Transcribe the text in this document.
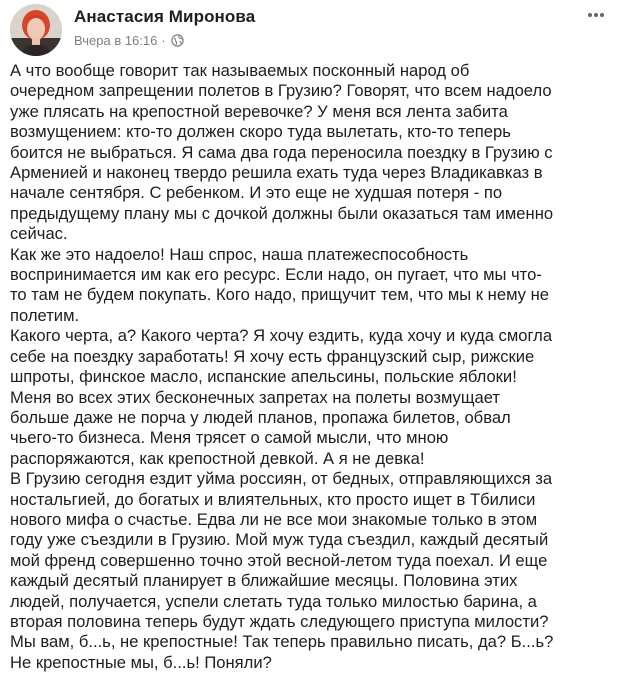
Анастасия Миронова
Вчера в 16:16 ·

А что вообще говорит так называемых посконный народ об

очередном запрещении полетов в Грузию? Говорят, что всем надоело

уже плясать на крепостной веревочке? У меня вся лента забита

возмущением: кто-то должен скоро туда вылетать, кто-то теперь

боится не выбраться. Я сама два года переносила поездку в Грузию с

Арменией и наконец твердо решила ехать туда через Владикавказ в

начале сентября. С ребенком. И это еще не худшая потеря - по

предыдущему плану мы с дочкой должны были оказаться там именно

сейчас.

Как же это надоело! Наш спрос, наша платежеспособность

воспринимается им как его ресурс. Если надо, он пугает, что мы что-

то там не будем покупать. Кого надо, прищучит тем, что мы к нему не

полетим.

Какого черта, а? Какого черта? Я хочу ездить, куда хочу и куда смогла

себе на поездку заработать! Я хочу есть французский сыр, рижские

шпроты, финское масло, испанские апельсины, польские яблоки!

Меня во всех этих бесконечных запретах на полеты возмущает

больше даже не порча у людей планов, пропажа билетов, обвал

чьего-то бизнеса. Меня трясет о самой мысли, что мною

распоряжаются, как крепостной девкой. А я не девка!

В Грузию сегодня ездит уйма россиян, от бедных, отправляющихся за

ностальгией, до богатых и влиятельных, кто просто ищет в Тбилиси

нового мифа о счастье. Едва ли не все мои знакомые только в этом

году уже съездили в Грузию. Мой муж туда съездил, каждый десятый

мой френд совершенно точно этой весной-летом туда поехал. И еще

каждый десятый планирует в ближайшие месяцы. Половина этих

людей, получается, успели слетать туда только милостью барина, а

вторая половина теперь будут ждать следующего приступа милости?

Мы вам, б...ь, не крепостные! Так теперь правильно писать, да? Б...ь?

Не крепостные мы, б...ь! Поняли?
